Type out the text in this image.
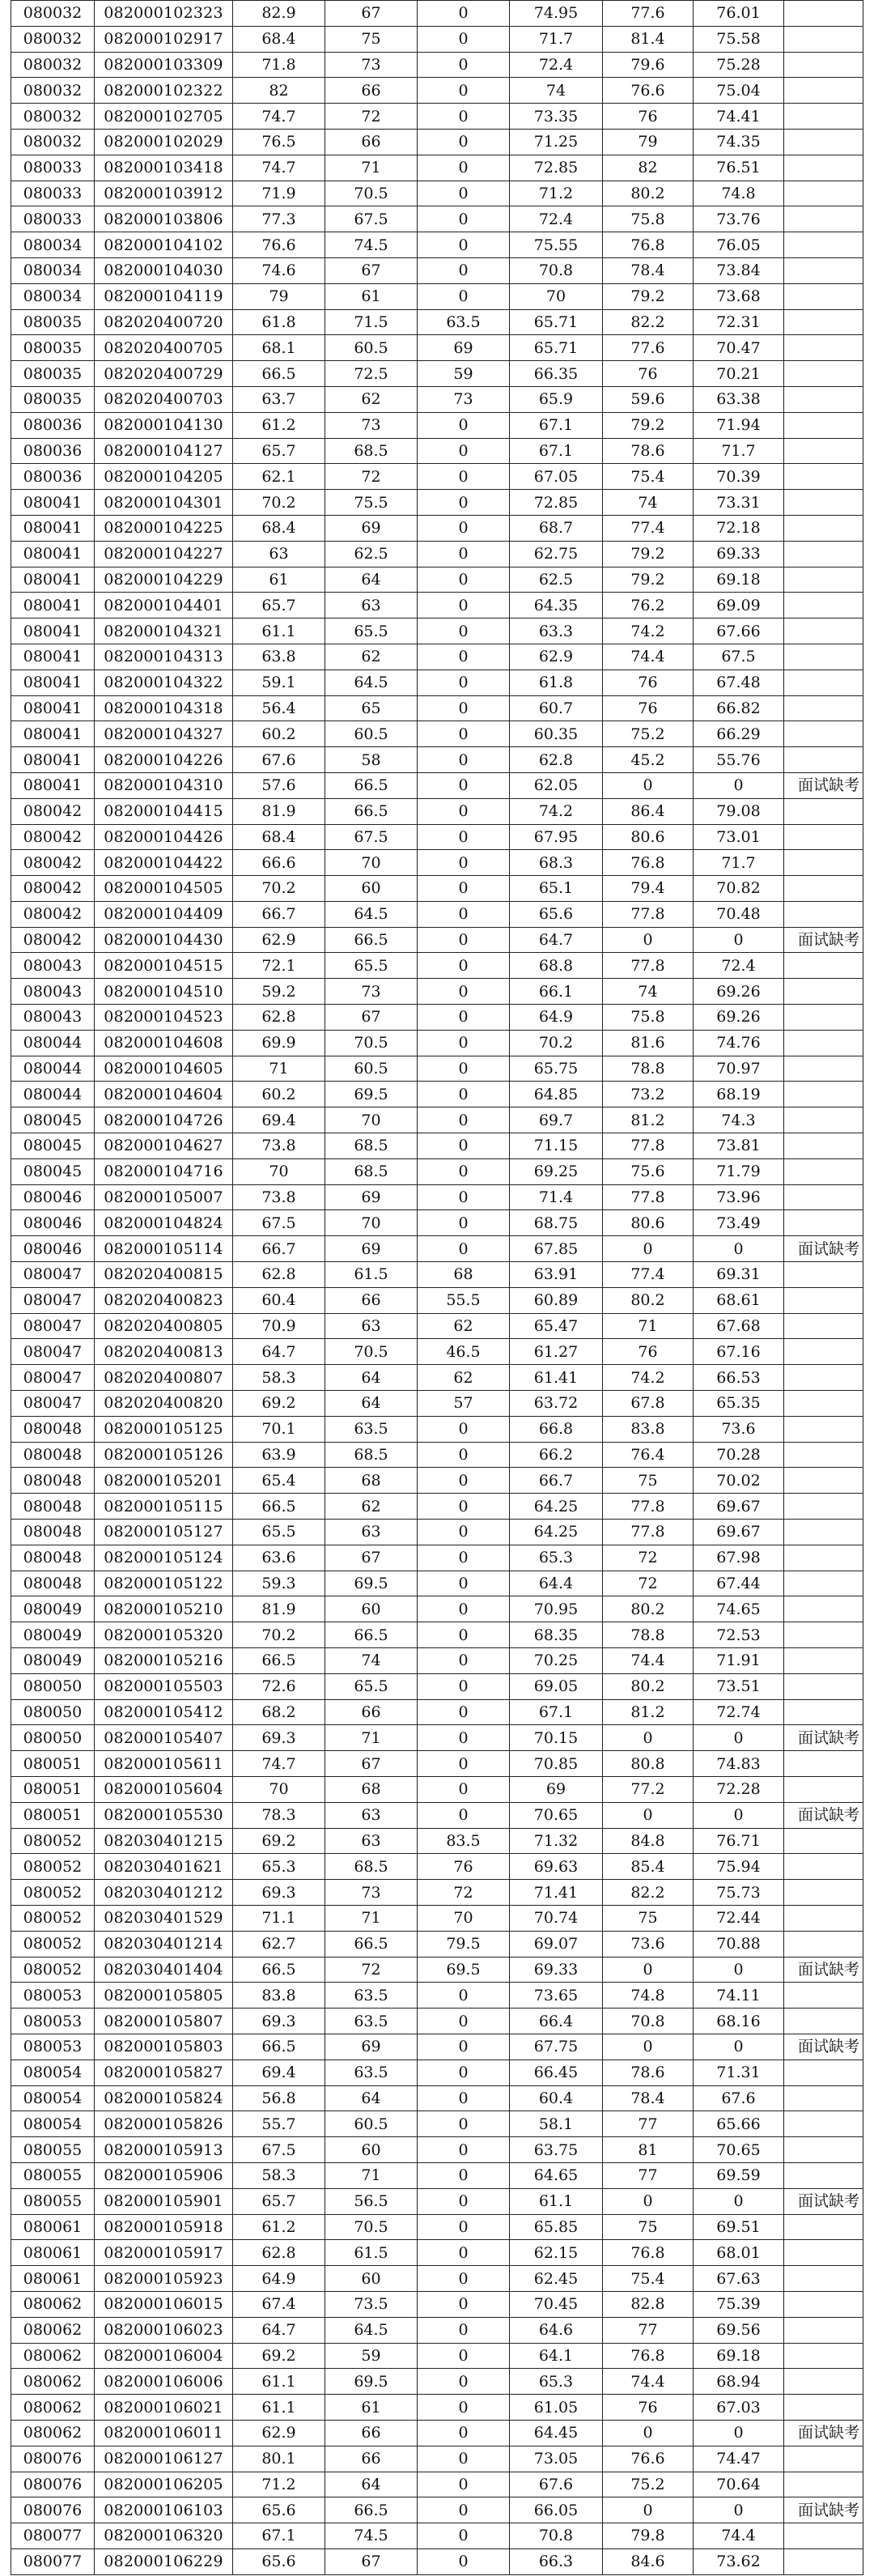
080032	082000102323	82.9	67	0	74.95	77.6	76.01	
080032	082000102917	68.4	75	0	71.7	81.4	75.58	
080032	082000103309	71.8	73	0	72.4	79.6	75.28	
080032	082000102322	82	66	0	74	76.6	75.04	
080032	082000102705	74.7	72	0	73.35	76	74.41	
080032	082000102029	76.5	66	0	71.25	79	74.35	
080033	082000103418	74.7	71	0	72.85	82	76.51	
080033	082000103912	71.9	70.5	0	71.2	80.2	74.8	
080033	082000103806	77.3	67.5	0	72.4	75.8	73.76	
080034	082000104102	76.6	74.5	0	75.55	76.8	76.05	
080034	082000104030	74.6	67	0	70.8	78.4	73.84	
080034	082000104119	79	61	0	70	79.2	73.68	
080035	082020400720	61.8	71.5	63.5	65.71	82.2	72.31	
080035	082020400705	68.1	60.5	69	65.71	77.6	70.47	
080035	082020400729	66.5	72.5	59	66.35	76	70.21	
080035	082020400703	63.7	62	73	65.9	59.6	63.38	
080036	082000104130	61.2	73	0	67.1	79.2	71.94	
080036	082000104127	65.7	68.5	0	67.1	78.6	71.7	
080036	082000104205	62.1	72	0	67.05	75.4	70.39	
080041	082000104301	70.2	75.5	0	72.85	74	73.31	
080041	082000104225	68.4	69	0	68.7	77.4	72.18	
080041	082000104227	63	62.5	0	62.75	79.2	69.33	
080041	082000104229	61	64	0	62.5	79.2	69.18	
080041	082000104401	65.7	63	0	64.35	76.2	69.09	
080041	082000104321	61.1	65.5	0	63.3	74.2	67.66	
080041	082000104313	63.8	62	0	62.9	74.4	67.5	
080041	082000104322	59.1	64.5	0	61.8	76	67.48	
080041	082000104318	56.4	65	0	60.7	76	66.82	
080041	082000104327	60.2	60.5	0	60.35	75.2	66.29	
080041	082000104226	67.6	58	0	62.8	45.2	55.76	
080041	082000104310	57.6	66.5	0	62.05	0	0	面试缺考
080042	082000104415	81.9	66.5	0	74.2	86.4	79.08	
080042	082000104426	68.4	67.5	0	67.95	80.6	73.01	
080042	082000104422	66.6	70	0	68.3	76.8	71.7	
080042	082000104505	70.2	60	0	65.1	79.4	70.82	
080042	082000104409	66.7	64.5	0	65.6	77.8	70.48	
080042	082000104430	62.9	66.5	0	64.7	0	0	面试缺考
080043	082000104515	72.1	65.5	0	68.8	77.8	72.4	
080043	082000104510	59.2	73	0	66.1	74	69.26	
080043	082000104523	62.8	67	0	64.9	75.8	69.26	
080044	082000104608	69.9	70.5	0	70.2	81.6	74.76	
080044	082000104605	71	60.5	0	65.75	78.8	70.97	
080044	082000104604	60.2	69.5	0	64.85	73.2	68.19	
080045	082000104726	69.4	70	0	69.7	81.2	74.3	
080045	082000104627	73.8	68.5	0	71.15	77.8	73.81	
080045	082000104716	70	68.5	0	69.25	75.6	71.79	
080046	082000105007	73.8	69	0	71.4	77.8	73.96	
080046	082000104824	67.5	70	0	68.75	80.6	73.49	
080046	082000105114	66.7	69	0	67.85	0	0	面试缺考
080047	082020400815	62.8	61.5	68	63.91	77.4	69.31	
080047	082020400823	60.4	66	55.5	60.89	80.2	68.61	
080047	082020400805	70.9	63	62	65.47	71	67.68	
080047	082020400813	64.7	70.5	46.5	61.27	76	67.16	
080047	082020400807	58.3	64	62	61.41	74.2	66.53	
080047	082020400820	69.2	64	57	63.72	67.8	65.35	
080048	082000105125	70.1	63.5	0	66.8	83.8	73.6	
080048	082000105126	63.9	68.5	0	66.2	76.4	70.28	
080048	082000105201	65.4	68	0	66.7	75	70.02	
080048	082000105115	66.5	62	0	64.25	77.8	69.67	
080048	082000105127	65.5	63	0	64.25	77.8	69.67	
080048	082000105124	63.6	67	0	65.3	72	67.98	
080048	082000105122	59.3	69.5	0	64.4	72	67.44	
080049	082000105210	81.9	60	0	70.95	80.2	74.65	
080049	082000105320	70.2	66.5	0	68.35	78.8	72.53	
080049	082000105216	66.5	74	0	70.25	74.4	71.91	
080050	082000105503	72.6	65.5	0	69.05	80.2	73.51	
080050	082000105412	68.2	66	0	67.1	81.2	72.74	
080050	082000105407	69.3	71	0	70.15	0	0	面试缺考
080051	082000105611	74.7	67	0	70.85	80.8	74.83	
080051	082000105604	70	68	0	69	77.2	72.28	
080051	082000105530	78.3	63	0	70.65	0	0	面试缺考
080052	082030401215	69.2	63	83.5	71.32	84.8	76.71	
080052	082030401621	65.3	68.5	76	69.63	85.4	75.94	
080052	082030401212	69.3	73	72	71.41	82.2	75.73	
080052	082030401529	71.1	71	70	70.74	75	72.44	
080052	082030401214	62.7	66.5	79.5	69.07	73.6	70.88	
080052	082030401404	66.5	72	69.5	69.33	0	0	面试缺考
080053	082000105805	83.8	63.5	0	73.65	74.8	74.11	
080053	082000105807	69.3	63.5	0	66.4	70.8	68.16	
080053	082000105803	66.5	69	0	67.75	0	0	面试缺考
080054	082000105827	69.4	63.5	0	66.45	78.6	71.31	
080054	082000105824	56.8	64	0	60.4	78.4	67.6	
080054	082000105826	55.7	60.5	0	58.1	77	65.66	
080055	082000105913	67.5	60	0	63.75	81	70.65	
080055	082000105906	58.3	71	0	64.65	77	69.59	
080055	082000105901	65.7	56.5	0	61.1	0	0	面试缺考
080061	082000105918	61.2	70.5	0	65.85	75	69.51	
080061	082000105917	62.8	61.5	0	62.15	76.8	68.01	
080061	082000105923	64.9	60	0	62.45	75.4	67.63	
080062	082000106015	67.4	73.5	0	70.45	82.8	75.39	
080062	082000106023	64.7	64.5	0	64.6	77	69.56	
080062	082000106004	69.2	59	0	64.1	76.8	69.18	
080062	082000106006	61.1	69.5	0	65.3	74.4	68.94	
080062	082000106021	61.1	61	0	61.05	76	67.03	
080062	082000106011	62.9	66	0	64.45	0	0	面试缺考
080076	082000106127	80.1	66	0	73.05	76.6	74.47	
080076	082000106205	71.2	64	0	67.6	75.2	70.64	
080076	082000106103	65.6	66.5	0	66.05	0	0	面试缺考
080077	082000106320	67.1	74.5	0	70.8	79.8	74.4	
080077	082000106229	65.6	67	0	66.3	84.6	73.62	
